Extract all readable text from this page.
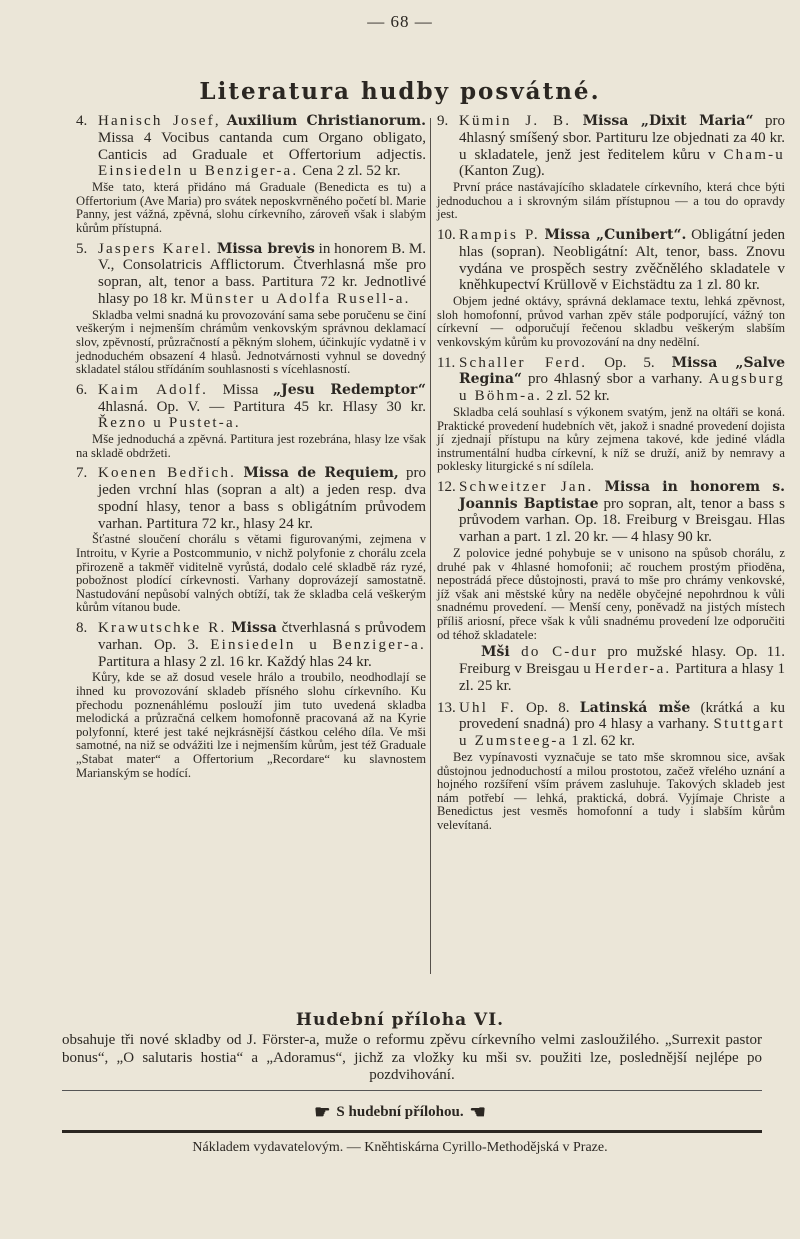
— 68 —
Literatura hudby posvátné.
4. Hanisch Josef, Auxilium Christianorum. Missa 4 Vocibus cantanda cum Organo obligato, Canticis ad Graduale et Offertorium adjectis. Einsiedeln u Benziger-a. Cena 2 zl. 52 kr.
Mše tato, která přidáno má Graduale (Benedicta es tu) a Offertorium (Ave Maria) pro svátek neposkvrněného početí bl. Marie Panny, jest vážná, zpěvná, slohu církevního, zároveň však i slabým kůrům přístupná.
5. Jaspers Karel. Missa brevis in honorem B. M. V., Consolatricis Afflictorum. Čtverhlasná mše pro sopran, alt, tenor a bass. Partitura 72 kr. Jednotlivé hlasy po 18 kr. Münster u Adolfa Rusell-a.
Skladba velmi snadná ku provozování sama sebe poručenu se činí veškerým i nejmenším chrámům venkovským správnou deklamací slov, zpěvností, průzračností a pěkným slohem, účinkujíc vydatně i v jednoduchém obsazení 4 hlasů. Jednotvárnosti vyhnul se dovedný skladatel stálou střídáním souhlasnosti s vícehlasností.
6. Kaim Adolf. Missa „Jesu Redemptor“ 4hlasná. Op. V. — Partitura 45 kr. Hlasy 30 kr. Řezno u Pustet-a.
Mše jednoduchá a zpěvná. Partitura jest rozebrána, hlasy lze však na skladě obdržeti.
7. Koenen Bedřich. Missa de Requiem, pro jeden vrchní hlas (sopran a alt) a jeden resp. dva spodní hlasy, tenor a bass s obligátním průvodem varhan. Partitura 72 kr., hlasy 24 kr.
Šťastné sloučení chorálu s větami figurovanými, zejmena v Introitu, v Kyrie a Postcommunio, v nichž polyfonie z chorálu zcela přirozeně a takměř viditelně vyrůstá, dodalo celé skladbě ráz ryzé, pobožnost plodící církevnosti. Varhany doprovázejí samostatně. Nastudování nepůsobí valných obtíží, tak že skladba celá veškerým kůrům vítanou bude.
8. Krawutschke R. Missa čtverhlasná s průvodem varhan. Op. 3. Einsiedeln u Benziger-a. Partitura a hlasy 2 zl. 16 kr. Každý hlas 24 kr.
Kůry, kde se až dosud vesele hrálo a troubilo, neodhodlají se ihned ku provozování skladeb přísného slohu církevního. Ku přechodu poznenáhlému poslouží jim tuto uvedená skladba melodická a průzračná celkem homofonně pracovaná až na Kyrie polyfonní, které jest také nejkrásnější částkou celého díla. Ve mši samotné, na niž se odvážiti lze i nejmenším kůrům, jest též Graduale „Stabat mater“ a Offertorium „Recordare“ ku slavnostem Marianským se hodící.
9. Kümin J. B. Missa „Dixit Maria“ pro 4hlasný smíšený sbor. Partituru lze objednati za 40 kr. u skladatele, jenž jest ředitelem kůru v Cham-u (Kanton Zug).
První práce nastávajícího skladatele církevního, která chce býti jednoduchou a i skrovným silám přístupnou — a tou do opravdy jest.
10. Rampis P. Missa „Cunibert“. Obligátní jeden hlas (sopran). Neobligátní: Alt, tenor, bass. Znovu vydána ve prospěch sestry zvěčnělého skladatele v kněhkupectví Krüllově v Eichstädtu za 1 zl. 80 kr.
Objem jedné oktávy, správná deklamace textu, lehká zpěvnost, sloh homofonní, průvod varhan zpěv stále podporující, vážný ton církevní — odporučují řečenou skladbu veškerým slabším venkovským kůrům ku provozování na dny nedělní.
11. Schaller Ferd. Op. 5. Missa „Salve Regina“ pro 4hlasný sbor a varhany. Augsburg u Böhm-a. 2 zl. 52 kr.
Skladba celá souhlasí s výkonem svatým, jenž na oltáři se koná. Praktické provedení hudebních vět, jakož i snadné provedení dojista jí zjednají přístupu na kůry zejmena takové, kde jediné vládla instrumentální hudba církevní, k níž se druží, aniž by nemravy a poklesky liturgické s ní sdílela.
12. Schweitzer Jan. Missa in honorem s. Joannis Baptistae pro sopran, alt, tenor a bass s průvodem varhan. Op. 18. Freiburg v Breisgau. Hlas varhan a part. 1 zl. 20 kr. — 4 hlasy 90 kr.
Z polovice jedné pohybuje se v unisono na spůsob chorálu, z druhé pak v 4hlasné homofonii; ač rouchem prostým přioděna, nepostrádá přece důstojnosti, pravá to mše pro chrámy venkovské, jíž však ani městské kůry na neděle obyčejné nepohrdnou k vůli snadnému provedení. — Menší ceny, poněvadž na jistých místech příliš ariosní, přece však k vůli snadnému provedení lze odporučiti od téhož skladatele:
Mši do C-dur pro mužské hlasy. Op. 11. Freiburg v Breisgau u Herder-a. Partitura a hlasy 1 zl. 25 kr.
13. Uhl F. Op. 8. Latinská mše (krátká a ku provedení snadná) pro 4 hlasy a varhany. Stuttgart u Zumsteeg-a 1 zl. 62 kr.
Bez vypínavosti vyznačuje se tato mše skromnou sice, avšak důstojnou jednoduchostí a milou prostotou, začež vřelého uznání a hojného rozšíření vším právem zasluhuje. Takových skladeb jest nám potřebí — lehká, praktická, dobrá. Vyjímaje Christe a Benedictus jest vesměs homofonní a tudy i slabším kůrům velevítaná.
Hudební příloha VI.
obsahuje tři nové skladby od J. Förster-a, muže o reformu zpěvu církevního velmi zasloužilého. „Surrexit pastor bonus“, „O salutaris hostia“ a „Adoramus“, jichž za vložky ku mši sv. použiti lze, poslednější nejlépe po pozdvihování.
☛ S hudební přílohou. ☚
Nákladem vydavatelovým. — Kněhtiskárna Cyrillo-Methodějská v Praze.
